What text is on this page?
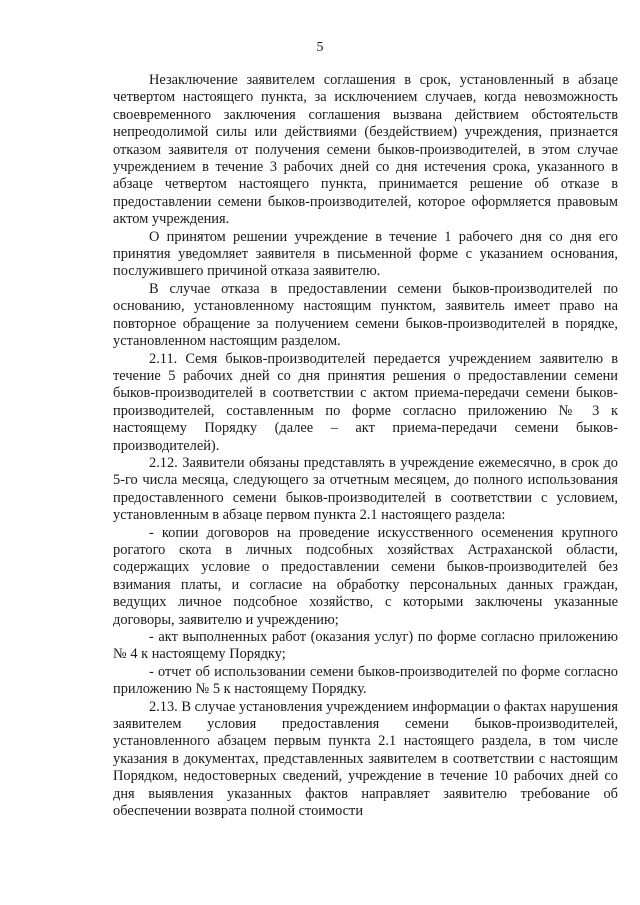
5

Незаключение заявителем соглашения в срок, установленный в абзаце четвертом настоящего пункта, за исключением случаев, когда невозможность своевременного заключения соглашения вызвана действием обстоятельств непреодолимой силы или действиями (бездействием) учреждения, признается отказом заявителя от получения семени быков-производителей, в этом случае учреждением в течение 3 рабочих дней со дня истечения срока, указанного в абзаце четвертом настоящего пункта, принимается решение об отказе в предоставлении семени быков-производителей, которое оформляется правовым актом учреждения.

О принятом решении учреждение в течение 1 рабочего дня со дня его принятия уведомляет заявителя в письменной форме с указанием основания, послужившего причиной отказа заявителю.

В случае отказа в предоставлении семени быков-производителей по основанию, установленному настоящим пунктом, заявитель имеет право на повторное обращение за получением семени быков-производителей в порядке, установленном настоящим разделом.

2.11. Семя быков-производителей передается учреждением заявителю в течение 5 рабочих дней со дня принятия решения о предоставлении семени быков-производителей в соответствии с актом приема-передачи семени быков-производителей, составленным по форме согласно приложению № 3 к настоящему Порядку (далее – акт приема-передачи семени быков-производителей).

2.12. Заявители обязаны представлять в учреждение ежемесячно, в срок до 5-го числа месяца, следующего за отчетным месяцем, до полного использования предоставленного семени быков-производителей в соответствии с условием, установленным в абзаце первом пункта 2.1 настоящего раздела:

- копии договоров на проведение искусственного осеменения крупного рогатого скота в личных подсобных хозяйствах Астраханской области, содержащих условие о предоставлении семени быков-производителей без взимания платы, и согласие на обработку персональных данных граждан, ведущих личное подсобное хозяйство, с которыми заключены указанные договоры, заявителю и учреждению;

- акт выполненных работ (оказания услуг) по форме согласно приложению № 4 к настоящему Порядку;

- отчет об использовании семени быков-производителей по форме согласно приложению № 5 к настоящему Порядку.

2.13. В случае установления учреждением информации о фактах нарушения заявителем условия предоставления семени быков-производителей, установленного абзацем первым пункта 2.1 настоящего раздела, в том числе указания в документах, представленных заявителем в соответствии с настоящим Порядком, недостоверных сведений, учреждение в течение 10 рабочих дней со дня выявления указанных фактов направляет заявителю требование об обеспечении возврата полной стоимости
